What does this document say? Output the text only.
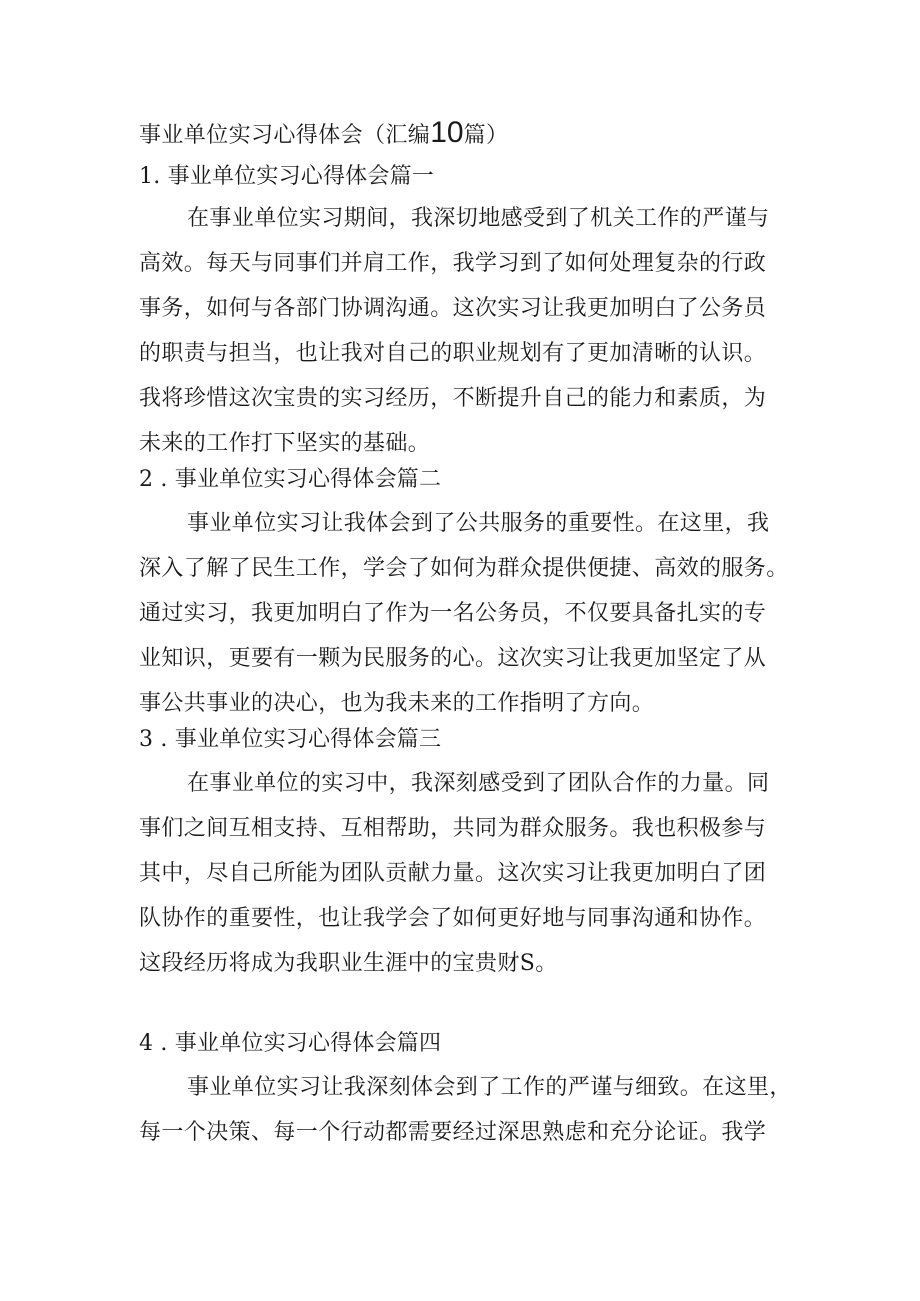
事业单位实习心得体会（汇编10篇）
1. 事业单位实习心得体会篇一
在事业单位实习期间，我深切地感受到了机关工作的严谨与
高效。每天与同事们并肩工作，我学习到了如何处理复杂的行政
事务，如何与各部门协调沟通。这次实习让我更加明白了公务员
的职责与担当，也让我对自己的职业规划有了更加清晰的认识。
我将珍惜这次宝贵的实习经历，不断提升自己的能力和素质，为
未来的工作打下坚实的基础。
2 . 事业单位实习心得体会篇二
事业单位实习让我体会到了公共服务的重要性。在这里，我
深入了解了民生工作，学会了如何为群众提供便捷、高效的服务。
通过实习，我更加明白了作为一名公务员，不仅要具备扎实的专
业知识，更要有一颗为民服务的心。这次实习让我更加坚定了从
事公共事业的决心，也为我未来的工作指明了方向。
3 . 事业单位实习心得体会篇三
在事业单位的实习中，我深刻感受到了团队合作的力量。同
事们之间互相支持、互相帮助，共同为群众服务。我也积极参与
其中，尽自己所能为团队贡献力量。这次实习让我更加明白了团
队协作的重要性，也让我学会了如何更好地与同事沟通和协作。
这段经历将成为我职业生涯中的宝贵财S。
4 . 事业单位实习心得体会篇四
事业单位实习让我深刻体会到了工作的严谨与细致。在这里，
每一个决策、每一个行动都需要经过深思熟虑和充分论证。我学
